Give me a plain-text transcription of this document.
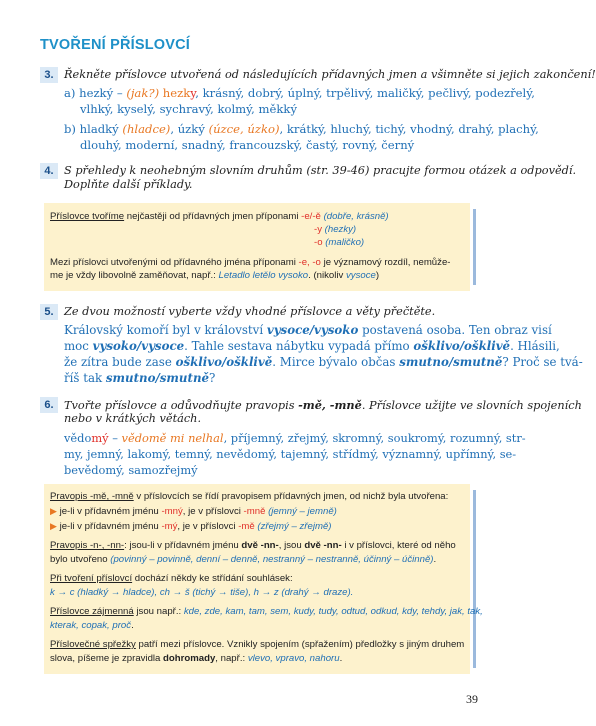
TVOŘENÍ PŘÍSLOVCÍ
3. Řekněte příslovce utvořená od následujících přídavných jmen a všimněte si jejich zakončení!
a) hezký – (jak?) hezky, krásný, dobrý, úplný, trpělivý, maličký, pečlivý, podezřelý,
vlhký, kyselý, sychravý, kolmý, měkký
b) hladký (hladce), úzký (úzce, úzko), krátký, hluchý, tichý, vhodný, drahý, plachý,
dlouhý, moderní, snadný, francouzský, častý, rovný, černý
4. S přehledy k neohebným slovním druhům (str. 39-46) pracujte formou otázek a odpovědí.
Doplňte další příklady.
Příslovce tvoříme nejčastěji od přídavných jmen příponami -e/-ě (dobře, krásně)
-y (hezky)
-o (maličko)
Mezi příslovci utvořenými od přídavného jména příponami -e, -o je významový rozdíl, nemůže-
me je vždy libovolně zaměňovat, např.: Letadlo letělo vysoko. (nikoliv vysoce)
5. Ze dvou možností vyberte vždy vhodné příslovce a věty přečtěte.
Královský komoří byl v království vysoce/vysoko postavená osoba. Ten obraz visí
moc vysoko/vysoce. Tahle sestava nábytku vypadá přímo ošklivo/ošklivě. Hlásili,
že zítra bude zase ošklivo/ošklivě. Mirce bývalo občas smutno/smutně? Proč se tvá-
říš tak smutno/smutně?
6. Tvořte příslovce a odůvodňujte pravopis -mě, -mně. Příslovce užijte ve slovních spojeních
nebo v krátkých větách.
vědomý – vědomě mi nelhal, příjemný, zřejmý, skromný, soukromý, rozumný, str-
my, jemný, lakomý, temný, nevědomý, tajemný, střídmý, významný, upřímný, se-
bevědomý, samozřejmý
Pravopis -mě, -mně v příslovcích se řídí pravopisem přídavných jmen, od nichž byla utvořena:
▶ je-li v přídavném jménu -mný, je v příslovci -mně (jemný – jemně)
▶ je-li v přídavném jménu -mý, je v příslovci -mě (zřejmý – zřejmě)
Pravopis -n-, -nn-: jsou-li v přídavném jménu dvě -nn-, jsou dvě -nn- i v příslovci, které od něho
bylo utvořeno (povinný – povinně, denní – denně, nestranný – nestranně, účinný – účinně).
Při tvoření příslovcí dochází někdy ke střídání souhlásek:
k → c (hladký → hladce), ch → š (tichý → tiše), h → z (drahý → draze).
Příslovce zájmenná jsou např.: kde, zde, kam, tam, sem, kudy, tudy, odtud, odkud, kdy, tehdy, jak, tak,
kterak, copak, proč.
Příslovečné spřežky patří mezi příslovce. Vznikly spojením (spřažením) předložky s jiným druhem
slova, píšeme je zpravidla dohromady, např.: vlevo, vpravo, nahoru.
39
